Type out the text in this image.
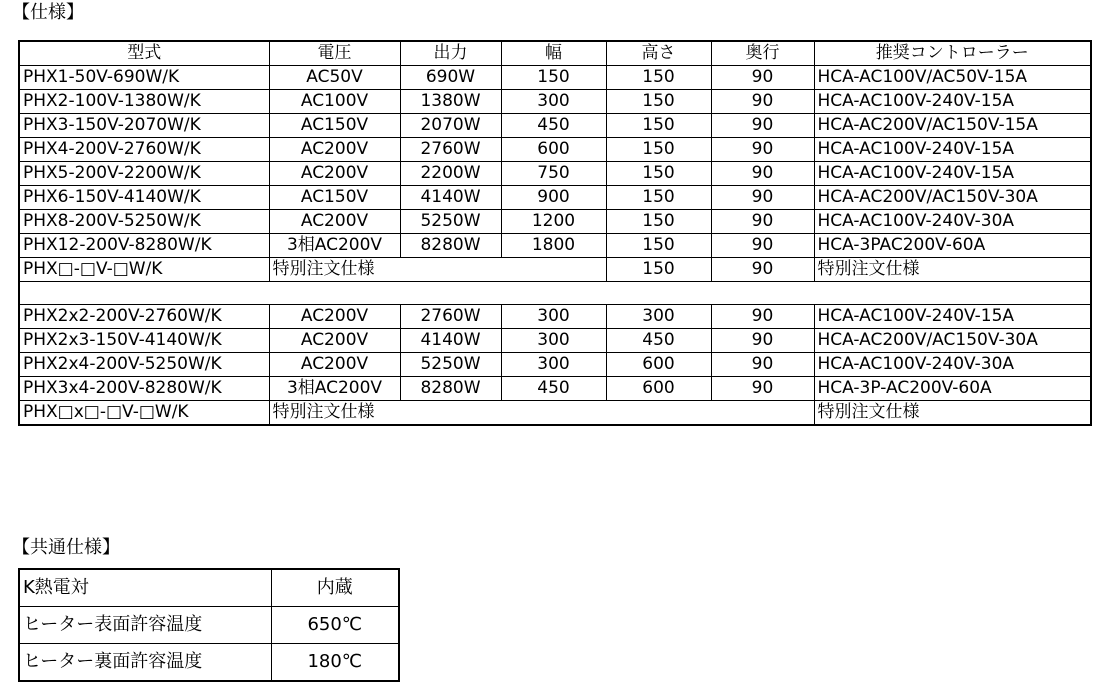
【仕様】
型式	電圧	出力	幅	高さ	奥行	推奨コントローラー
PHX1-50V-690W/K	AC50V	690W	150	150	90	HCA-AC100V/AC50V-15A
PHX2-100V-1380W/K	AC100V	1380W	300	150	90	HCA-AC100V-240V-15A
PHX3-150V-2070W/K	AC150V	2070W	450	150	90	HCA-AC200V/AC150V-15A
PHX4-200V-2760W/K	AC200V	2760W	600	150	90	HCA-AC100V-240V-15A
PHX5-200V-2200W/K	AC200V	2200W	750	150	90	HCA-AC100V-240V-15A
PHX6-150V-4140W/K	AC150V	4140W	900	150	90	HCA-AC200V/AC150V-30A
PHX8-200V-5250W/K	AC200V	5250W	1200	150	90	HCA-AC100V-240V-30A
PHX12-200V-8280W/K	3相AC200V	8280W	1800	150	90	HCA-3PAC200V-60A
PHX□-□V-□W/K	特別注文仕様			150	90	特別注文仕様

PHX2x2-200V-2760W/K	AC200V	2760W	300	300	90	HCA-AC100V-240V-15A
PHX2x3-150V-4140W/K	AC200V	4140W	300	450	90	HCA-AC200V/AC150V-30A
PHX2x4-200V-5250W/K	AC200V	5250W	300	600	90	HCA-AC100V-240V-30A
PHX3x4-200V-8280W/K	3相AC200V	8280W	450	600	90	HCA-3P-AC200V-60A
PHX□x□-□V-□W/K	特別注文仕様					特別注文仕様
【共通仕様】
K熱電対	内蔵
ヒーター表面許容温度	650℃
ヒーター裏面許容温度	180℃
